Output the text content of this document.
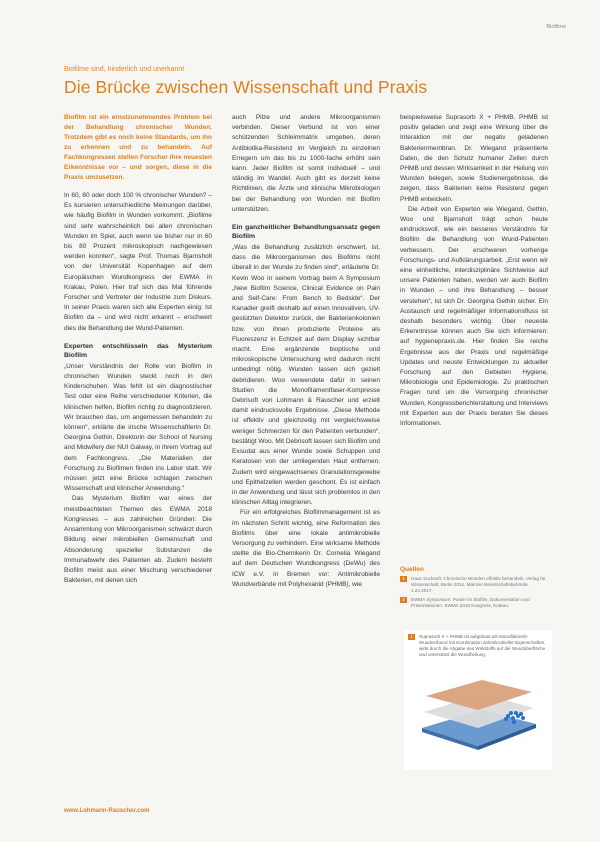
Biofilme
Biofilme sind, hinderlich und unerkannt
Die Brücke zwischen Wissenschaft und Praxis

Biofilm ist ein ernstzunehmendes Problem bei der Behandlung chronischer Wunden. Trotzdem gibt es noch keine Standards, um ihn zu erkennen und zu behandeln. Auf Fachkongressen stellen Forscher ihre neuesten Erkenntnisse vor – und sorgen, diese in die Praxis umzusetzen.

In 60, 80 oder doch 100 % chronischer Wunden? – Es kursieren unterschiedliche Meinungen darüber, wie häufig Biofilm in Wunden vorkommt. „Biofilme sind sehr wahrscheinlich bei allen chronischen Wunden im Spiel, auch wenn sie bisher nur in 60 bis 80 Prozent mikroskopisch nachgewiesen werden konnten“, sagte Prof. Thomas Bjarnsholt von der Universität Kopenhagen auf dem Europäischen Wundkongress der EWMA in Krakau, Polen. Hier traf sich das Mal führende Forscher und Vertreter der Industrie zum Diskurs. In seiner Praxis waren sich alle Experten einig: Ist Biofilm da – und wird nicht erkannt – erschwert dies die Behandlung der Wund-Patienten.

Experten entschlüsseln das Mysterium Biofilm

„Unser Verständnis der Rolle von Biofilm in chronischen Wunden steckt noch in den Kinderschuhen. Was fehlt ist ein diagnostischer Test oder eine Reihe verschiedener Kriterien, die klinischen helfen, Biofilm richtig zu diagnostizieren. Wir brauchen das, um angemessen behandeln zu können“, erklärte die irische Wissenschaftlerin Dr. Georgina Gethin, Direktorin der School of Nursing and Midwifery der NUI Galway, in ihrem Vortrag auf dem Fachkongress. „Die Materialien der Forschung zu Biofilmen finden ins Labor statt. Wir müssen jetzt eine Brücke schlagen zwischen Wissenschaft und klinischer Anwendung.“

Das Mysterium Biofilm war eines der meistbeachteten Themen des EWMA 2018 Kongresses – aus zahlreichen Gründen: Die Ansammlung von Mikroorganismen schwärzt durch Bildung einer mikrobiellen Gemeinschaft und Absonderung spezieller Substanzen die Immunabwehr des Patienten ab. Zudem besteht Biofilm meist aus einer Mischung verschiedener Bakterien, mit denen sich

auch Pilze und andere Mikroorganismen verbinden. Dieser Verbund ist von einer schützenden Schleimmatrix umgeben, deren Antibiotika-Resistenz im Vergleich zu einzelnen Erregern um das bis zu 1000-fache erhöht sein kann. Jeder Biofilm ist somit individuell – und ständig im Wandel. Auch gibt es derzeit keine Richtlinien, die Ärzte und klinische Mikrobiologen bei der Behandlung von Wunden mit Biofilm unterstützen.

Ein ganzheitlicher Behandlungsansatz gegen Biofilm

„Was die Behandlung zusätzlich erschwert, ist, dass die Mikroorganismen des Biofilms nicht überall in der Wunde zu finden sind“, erläuterte Dr. Kevin Woo in seinem Vortrag beim A Symposium „New Biofilm Science, Clinical Evidence on Pain and Self-Care: From Bench to Bedside“. Der Kanadier greift deshalb auf einen innovativen, UV-gestützten Detektor zurück, der Bakterienkolonien bzw. von ihnen produzierte Proteine als Fluoreszenz in Echtzeit auf dem Display sichtbar macht. Eine ergänzende bioptische und mikroskopische Untersuchung wird dadurch nicht unbedingt nötig. Wunden lassen sich gezielt debridieren. Woo verwendete dafür in seinen Studien die Monofilamentfaser-Kompresse Debrisoft von Lohmann & Rauscher und erzielt damit eindrucksvolle Ergebnisse. „Diese Methode ist effektiv und gleichzeitig mit vergleichsweise weniger Schmerzen für den Patienten verbunden“, bestätigt Woo. Mit Debrisoft lassen sich Biofilm und Exsudat aus einer Wunde sowie Schuppen und Keratosen von der umliegenden Haut entfernen. Zudem wird eingewachsenes Granulationsgewebe und Epithelzellen werden geschont. Es ist einfach in der Anwendung und lässt sich problemlos in den klinischen Alltag integrieren.

Für ein erfolgreiches Biofilmmanagement ist es im nächsten Schritt wichtig, eine Reformation des Biofilms über eine lokale antimikrobielle Versorgung zu verhindern. Eine wirksame Methode stellte die Bio-Chemikerin Dr. Cornelia Wiegand auf dem Deutschen Wundkongress (DeWu) des ICW e.V. in Bremen vor: Antimikrobielle Wundverbände mit Polyhexanid (PHMB), wie

beispielsweise Suprasorb X + PHMB. PHMB ist positiv geladen und zeigt eine Wirkung über die Interaktion mit der negativ geladenen Bakterienmembran. Dr. Wiegand präsentierte Daten, die den Schutz humaner Zellen durch PHMB und dessen Wirksamkeit in der Heilung von Wunden belegen, sowie Studienergebnisse, die zeigen, dass Bakterien keine Resistenz gegen PHMB entwickeln.

Die Arbeit von Experten wie Wiegand, Gethin, Woo und Bjarnsholt trägt schon heute eindrucksvoll, wie ein besseres Verständnis für Biofilm die Behandlung von Wund-Patienten verbessern. Der erschweren vorherige Forschungs- und Aufklärungsarbeit. „Erst wenn wir eine einheitliche, interdisziplinäre Sichtweise auf unsere Patienten haben, werden wir auch Biofilm in Wunden – und ihre Behandlung – besser verstehen“, ist sich Dr. Georgina Gethin sicher. Ein Austausch und regelmäßiger Informationsfluss ist deshalb besonders wichtig. Über neueste Erkenntnisse können auch Sie sich informieren: auf hygienepraxis.de. Hier finden Sie reiche Ergebnisse aus der Praxis und regelmäßige Updates und neuste Entwicklungen zu aktueller Forschung auf den Gebieten Hygiene, Mikrobiologie und Epidemiologie. Zu praktischen Fragen rund um die Versorgung chronischer Wunden, Kongressberichterstattung und Interviews mit Experten aus der Praxis beraten Sie dieses Informationen.

Quellen
1	Haus Suchsoft: Chronische Wunden effektiv behandeln. Verlag für Wissenschaft, Berlin 2014. Mainzer Bereitschaftsbehörde. 1.24.2017.
2	EWMA Symposium: Poster im Biofilm, Dokumentation und Präsentationen. EWMA 2018 Kongress, Krakau.
1	Suprasorb X + PHMB ist aufgebaut als Monofilament-Wundverband mit Kombination antimikrobieller Eigenschaften, wirkt durch die Abgabe des Wirkstoffs auf die Wundoberfläche und unterstützt die Wundheilung.
www.Lohmann-Rauscher.com
